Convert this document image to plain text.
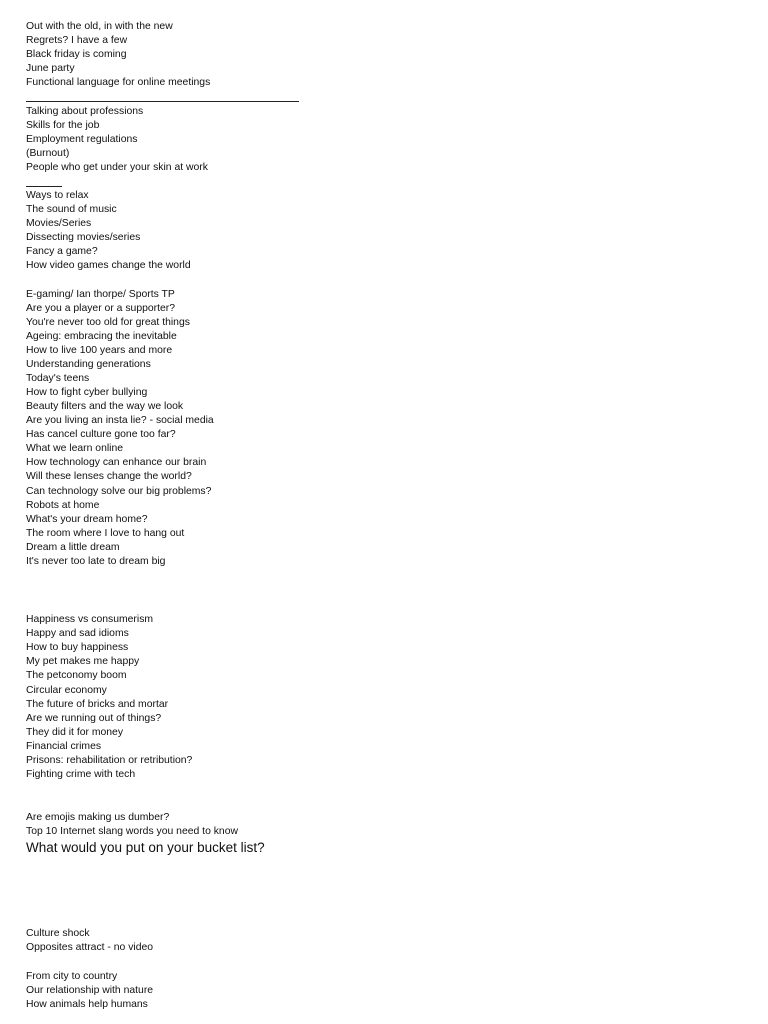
Out with the old, in with the new
Regrets? I have a few
Black friday is coming
June party
Functional language for online meetings
Talking about professions
Skills for the job
Employment regulations
(Burnout)
People who get under your skin at work
Ways to relax
The sound of music
Movies/Series
Dissecting movies/series
Fancy a game?
How video games change the world
E-gaming/ Ian thorpe/ Sports TP
Are you a player or a supporter?
You're never too old for great things
Ageing: embracing the inevitable
How to live 100 years and more
Understanding generations
Today's teens
How to fight cyber bullying
Beauty filters and the way we look
Are you living an insta lie? - social media
Has cancel culture gone too far?
What we learn online
How technology can enhance our brain
Will these lenses change the world?
Can technology solve our big problems?
Robots at home
What's your dream home?
The room where I love to hang out
Dream a little dream
It's never too late to dream big
Happiness vs consumerism
Happy and sad idioms
How to buy happiness
My pet makes me happy
The petconomy boom
Circular economy
The future of bricks and mortar
Are we running out of things?
They did it for money
Financial crimes
Prisons: rehabilitation or retribution?
Fighting crime with tech
Are emojis making us dumber?
Top 10 Internet slang words you need to know
What would you put on your bucket list?
Culture shock
Opposites attract - no video
From city to country
Our relationship with nature
How animals help humans
